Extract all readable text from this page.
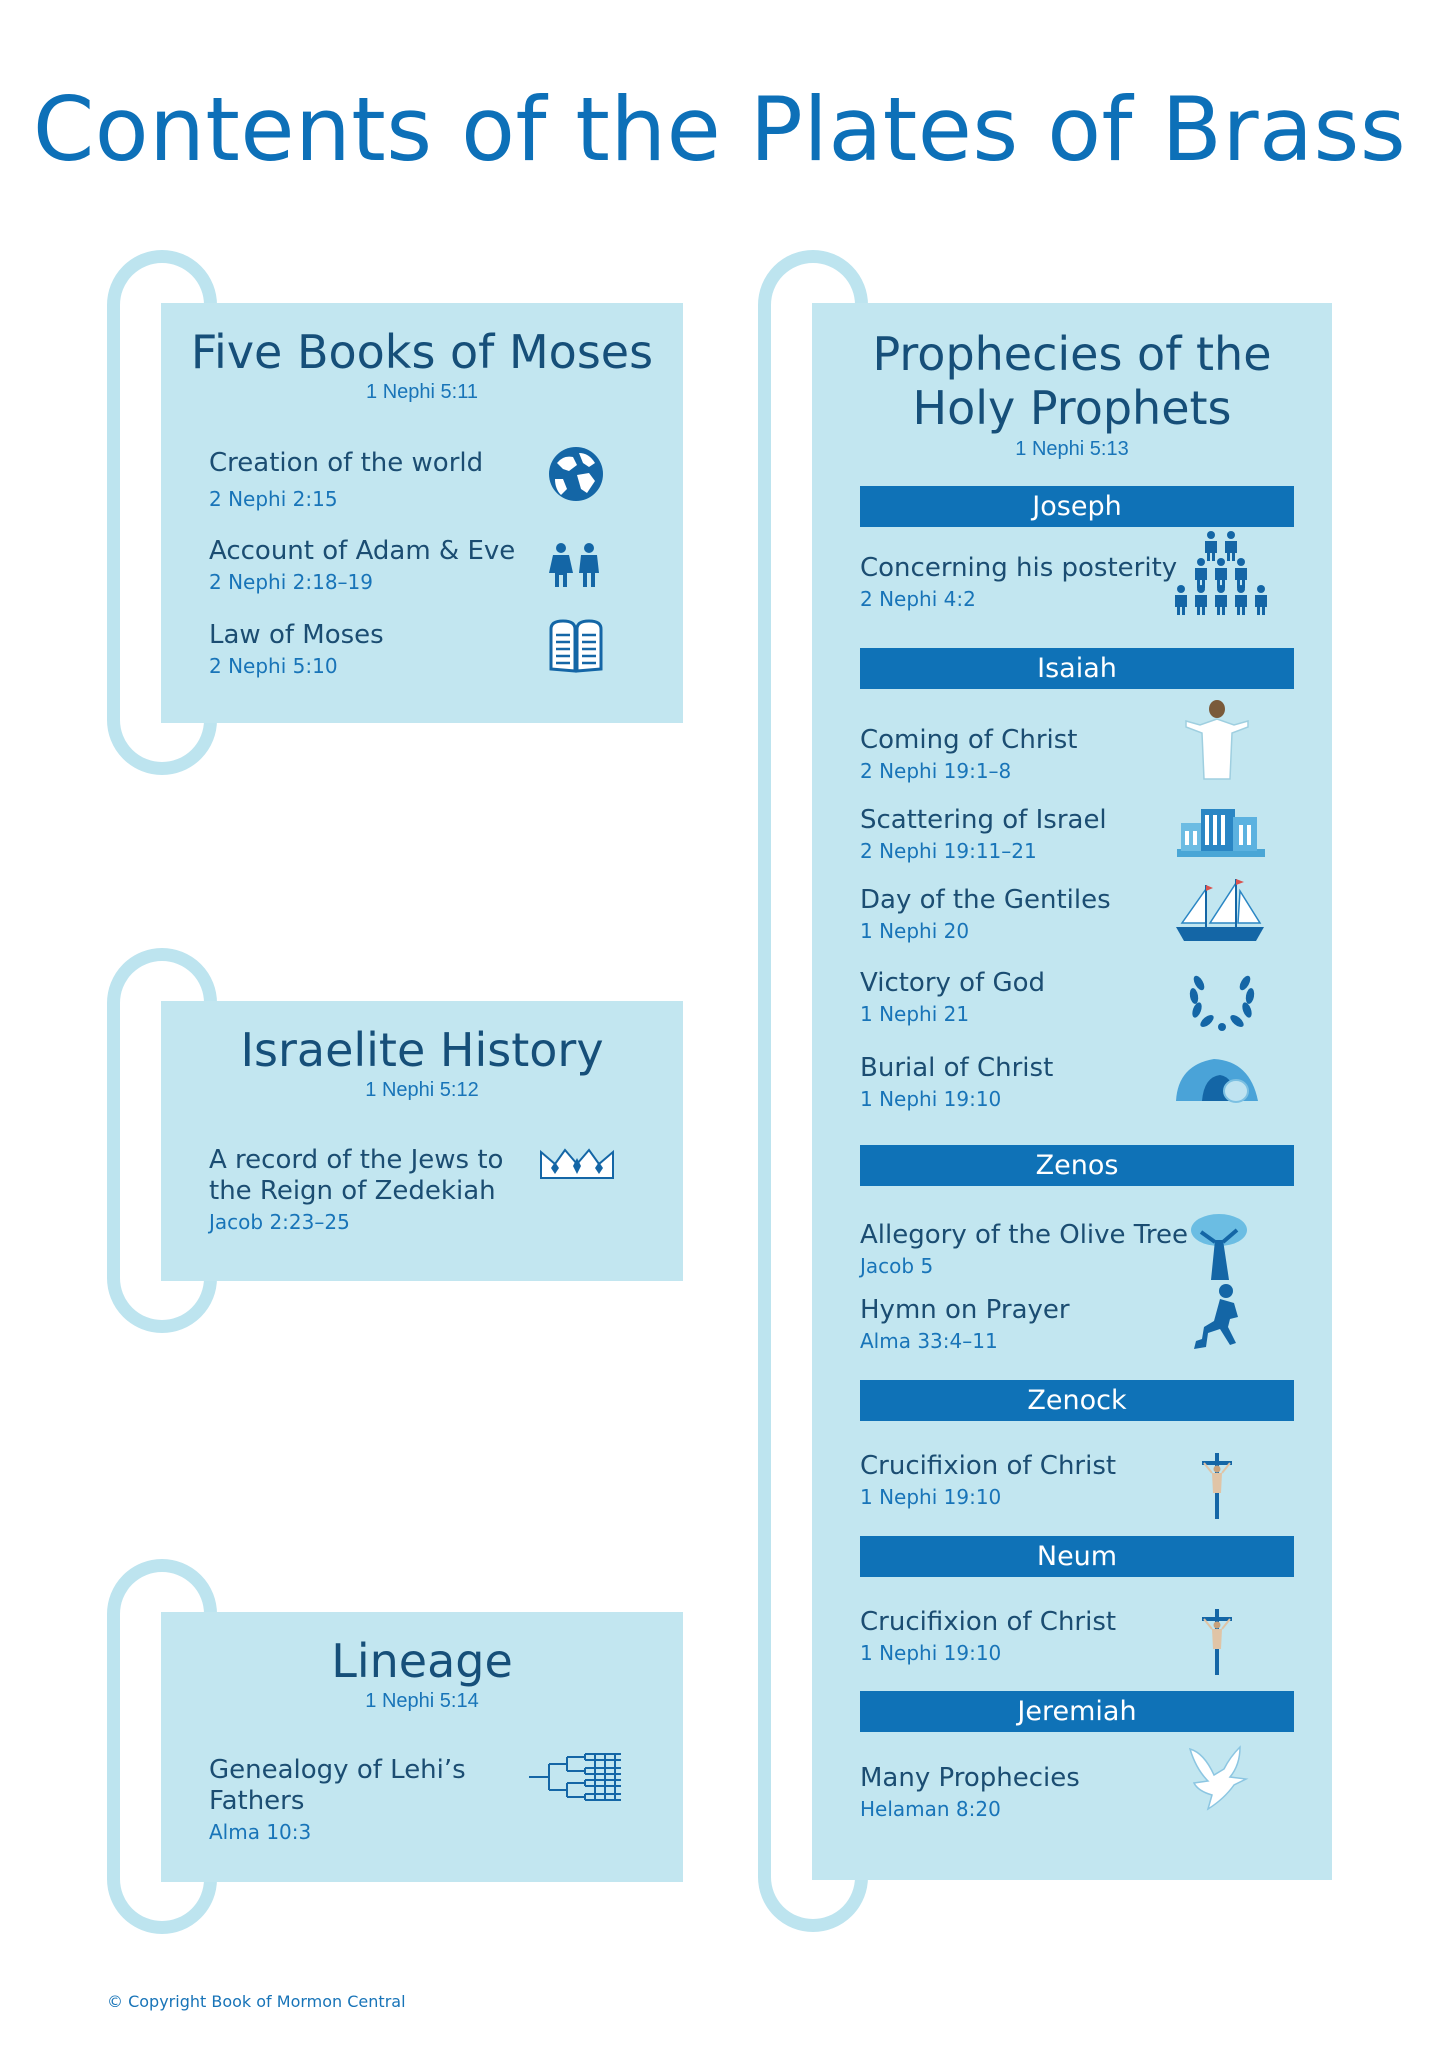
Contents of the Plates of Brass
Five Books of Moses
1 Nephi 5:11
Creation of the world
2 Nephi 2:15
Account of Adam & Eve
2 Nephi 2:18–19
Law of Moses
2 Nephi 5:10
Israelite History
1 Nephi 5:12
A record of the Jews to the Reign of Zedekiah
Jacob 2:23–25
Lineage
1 Nephi 5:14
Genealogy of Lehi’s Fathers
Alma 10:3
Prophecies of the
Holy Prophets
1 Nephi 5:13
Joseph
Concerning his posterity
2 Nephi 4:2
Isaiah
Coming of Christ
2 Nephi 19:1–8
Scattering of Israel
2 Nephi 19:11–21
Day of the Gentiles
1 Nephi 20
Victory of God
1 Nephi 21
Burial of Christ
1 Nephi 19:10
Zenos
Allegory of the Olive Tree
Jacob 5
Hymn on Prayer
Alma 33:4–11
Zenock
Crucifixion of Christ
1 Nephi 19:10
Neum
Crucifixion of Christ
1 Nephi 19:10
Jeremiah
Many Prophecies
Helaman 8:20
© Copyright Book of Mormon Central
